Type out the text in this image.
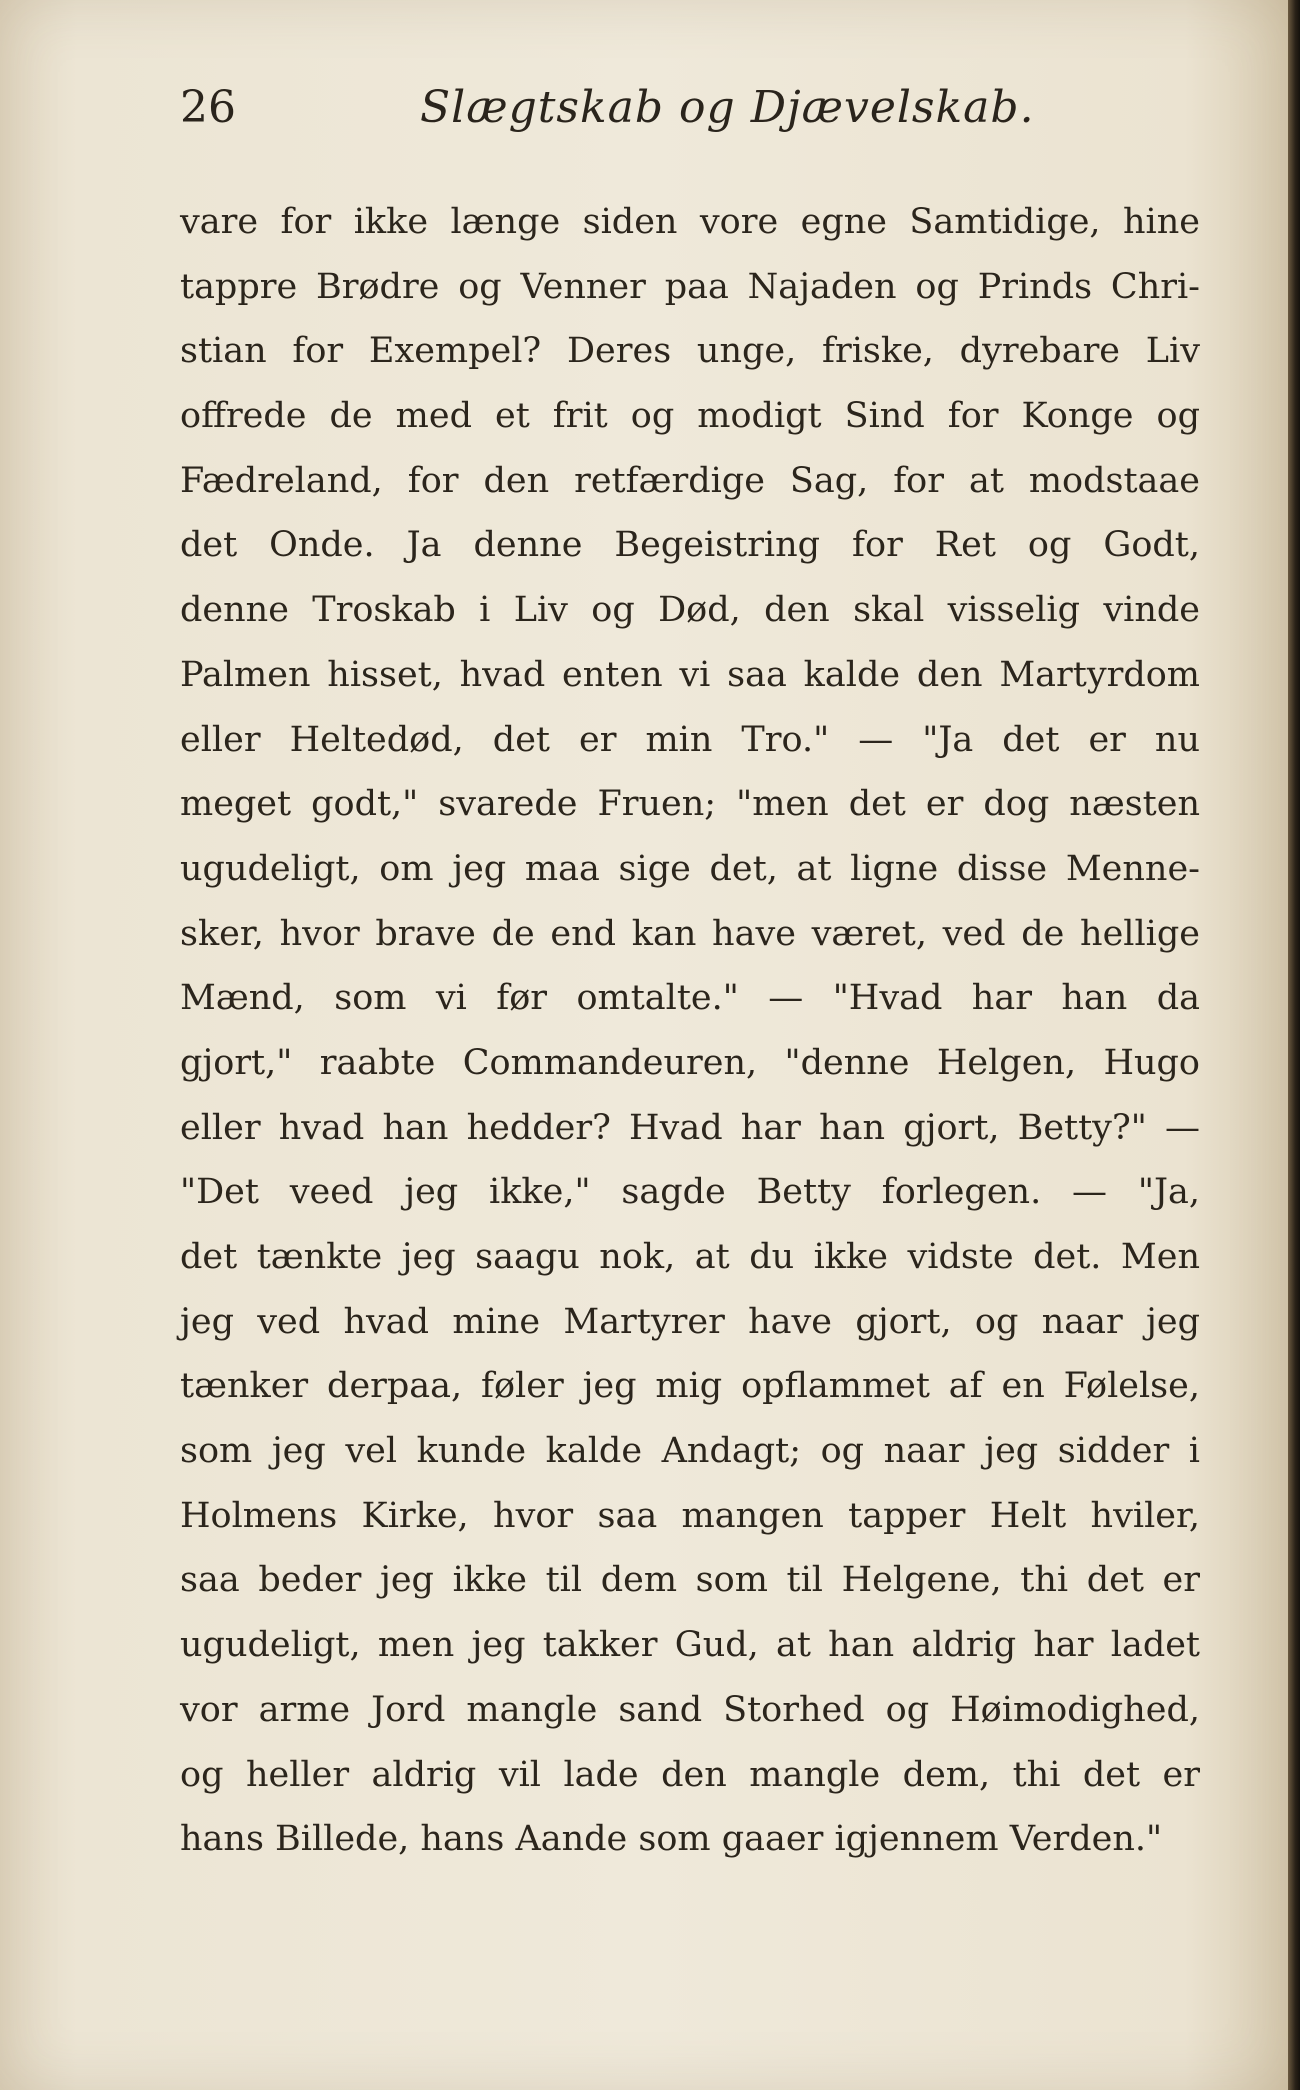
26	Slægtskab og Djævelskab.
vare for ikke længe siden vore egne Samtidige, hine
tappre Brødre og Venner paa Najaden og Prinds Chri-
stian for Exempel? Deres unge, friske, dyrebare Liv
offrede de med et frit og modigt Sind for Konge og
Fædreland, for den retfærdige Sag, for at modstaae
det Onde. Ja denne Begeistring for Ret og Godt,
denne Troskab i Liv og Død, den skal visselig vinde
Palmen hisset, hvad enten vi saa kalde den Martyrdom
eller Heltedød, det er min Tro." — "Ja det er nu
meget godt," svarede Fruen; "men det er dog næsten
ugudeligt, om jeg maa sige det, at ligne disse Menne-
sker, hvor brave de end kan have været, ved de hellige
Mænd, som vi før omtalte." — "Hvad har han da
gjort," raabte Commandeuren, "denne Helgen, Hugo
eller hvad han hedder? Hvad har han gjort, Betty?" —
"Det veed jeg ikke," sagde Betty forlegen. — "Ja,
det tænkte jeg saagu nok, at du ikke vidste det. Men
jeg ved hvad mine Martyrer have gjort, og naar jeg
tænker derpaa, føler jeg mig opflammet af en Følelse,
som jeg vel kunde kalde Andagt; og naar jeg sidder i
Holmens Kirke, hvor saa mangen tapper Helt hviler,
saa beder jeg ikke til dem som til Helgene, thi det er
ugudeligt, men jeg takker Gud, at han aldrig har ladet
vor arme Jord mangle sand Storhed og Høimodighed,
og heller aldrig vil lade den mangle dem, thi det er
hans Billede, hans Aande som gaaer igjennem Verden."
